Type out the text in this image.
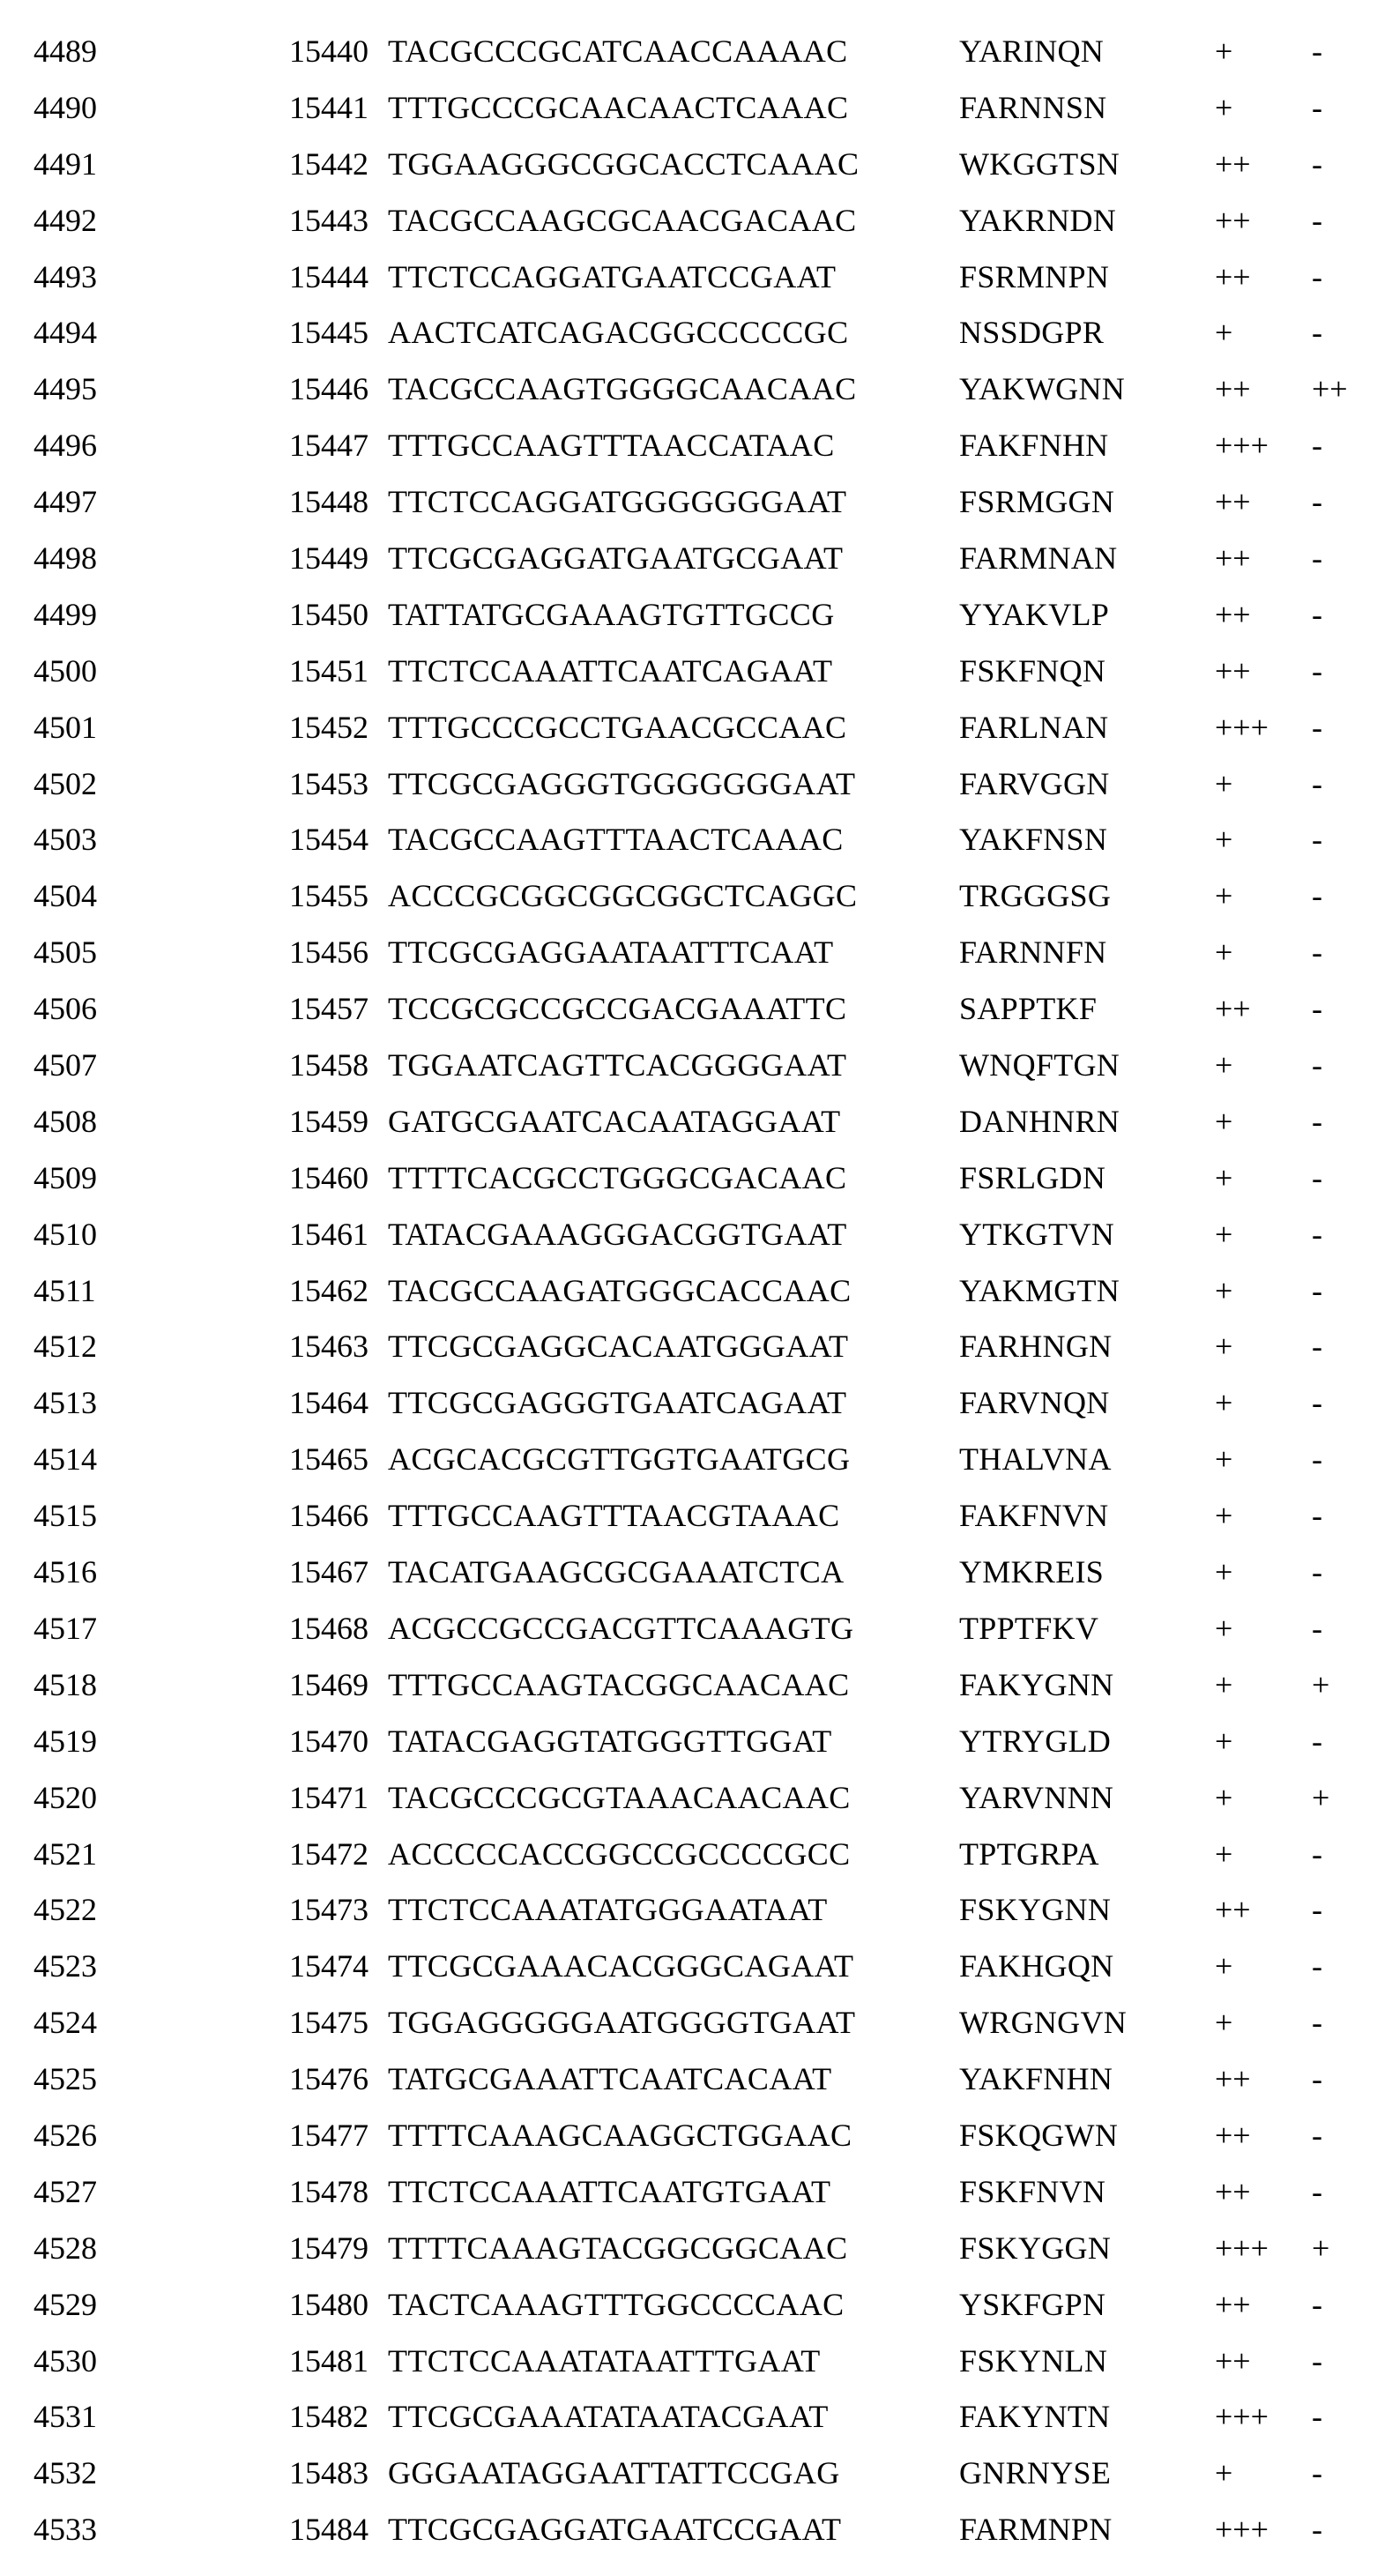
4489	15440 TACGCCCGCATCAACCAAAAC	YARINQN	+ -
4490	15441 TTTGCCCGCAACAACTCAAAC	FARNNSN	+ -
4491	15442 TGGAAGGGCGGCACCTCAAAC	WKGGTSN	++ -
4492	15443 TACGCCAAGCGCAACGACAAC	YAKRNDN	++ -
4493	15444 TTCTCCAGGATGAATCCGAAT	FSRMNPN	++ -
4494	15445 AACTCATCAGACGGCCCCCGC	NSSDGPR	+ -
4495	15446 TACGCCAAGTGGGGCAACAAC	YAKWGNN	++ ++
4496	15447 TTTGCCAAGTTTAACCATAAC	FAKFNHN	+++ -
4497	15448 TTCTCCAGGATGGGGGGGAAT	FSRMGGN	++ -
4498	15449 TTCGCGAGGATGAATGCGAAT	FARMNAN	++ -
4499	15450 TATTATGCGAAAGTGTTGCCG	YYAKVLP	++ -
4500	15451 TTCTCCAAATTCAATCAGAAT	FSKFNQN	++ -
4501	15452 TTTGCCCGCCTGAACGCCAAC	FARLNAN	+++ -
4502	15453 TTCGCGAGGGTGGGGGGGAAT	FARVGGN	+ -
4503	15454 TACGCCAAGTTTAACTCAAAC	YAKFNSN	+ -
4504	15455 ACCCGCGGCGGCGGCTCAGGC	TRGGGSG	+ -
4505	15456 TTCGCGAGGAATAATTTCAAT	FARNNFN	+ -
4506	15457 TCCGCGCCGCCGACGAAATTC	SAPPTKF	++ -
4507	15458 TGGAATCAGTTCACGGGGAAT	WNQFTGN	+ -
4508	15459 GATGCGAATCACAATAGGAAT	DANHNRN	+ -
4509	15460 TTTTCACGCCTGGGCGACAAC	FSRLGDN	+ -
4510	15461 TATACGAAAGGGACGGTGAAT	YTKGTVN	+ -
4511	15462 TACGCCAAGATGGGCACCAAC	YAKMGTN	+ -
4512	15463 TTCGCGAGGCACAATGGGAAT	FARHNGN	+ -
4513	15464 TTCGCGAGGGTGAATCAGAAT	FARVNQN	+ -
4514	15465 ACGCACGCGTTGGTGAATGCG	THALVNA	+ -
4515	15466 TTTGCCAAGTTTAACGTAAAC	FAKFNVN	+ -
4516	15467 TACATGAAGCGCGAAATCTCA	YMKREIS	+ -
4517	15468 ACGCCGCCGACGTTCAAAGTG	TPPTFKV	+ -
4518	15469 TTTGCCAAGTACGGCAACAAC	FAKYGNN	+ +
4519	15470 TATACGAGGTATGGGTTGGAT	YTRYGLD	+ -
4520	15471 TACGCCCGCGTAAACAACAAC	YARVNNN	+ +
4521	15472 ACCCCCACCGGCCGCCCCGCC	TPTGRPA	+ -
4522	15473 TTCTCCAAATATGGGAATAAT	FSKYGNN	++ -
4523	15474 TTCGCGAAACACGGGCAGAAT	FAKHGQN	+ -
4524	15475 TGGAGGGGGAATGGGGTGAAT	WRGNGVN	+ -
4525	15476 TATGCGAAATTCAATCACAAT	YAKFNHN	++ -
4526	15477 TTTTCAAAGCAAGGCTGGAAC	FSKQGWN	++ -
4527	15478 TTCTCCAAATTCAATGTGAAT	FSKFNVN	++ -
4528	15479 TTTTCAAAGTACGGCGGCAAC	FSKYGGN	+++ +
4529	15480 TACTCAAAGTTTGGCCCCAAC	YSKFGPN	++ -
4530	15481 TTCTCCAAATATAATTTGAAT	FSKYNLN	++ -
4531	15482 TTCGCGAAATATAATACGAAT	FAKYNTN	+++ -
4532	15483 GGGAATAGGAATTATTCCGAG	GNRNYSE	+ -
4533	15484 TTCGCGAGGATGAATCCGAAT	FARMNPN	+++ -
